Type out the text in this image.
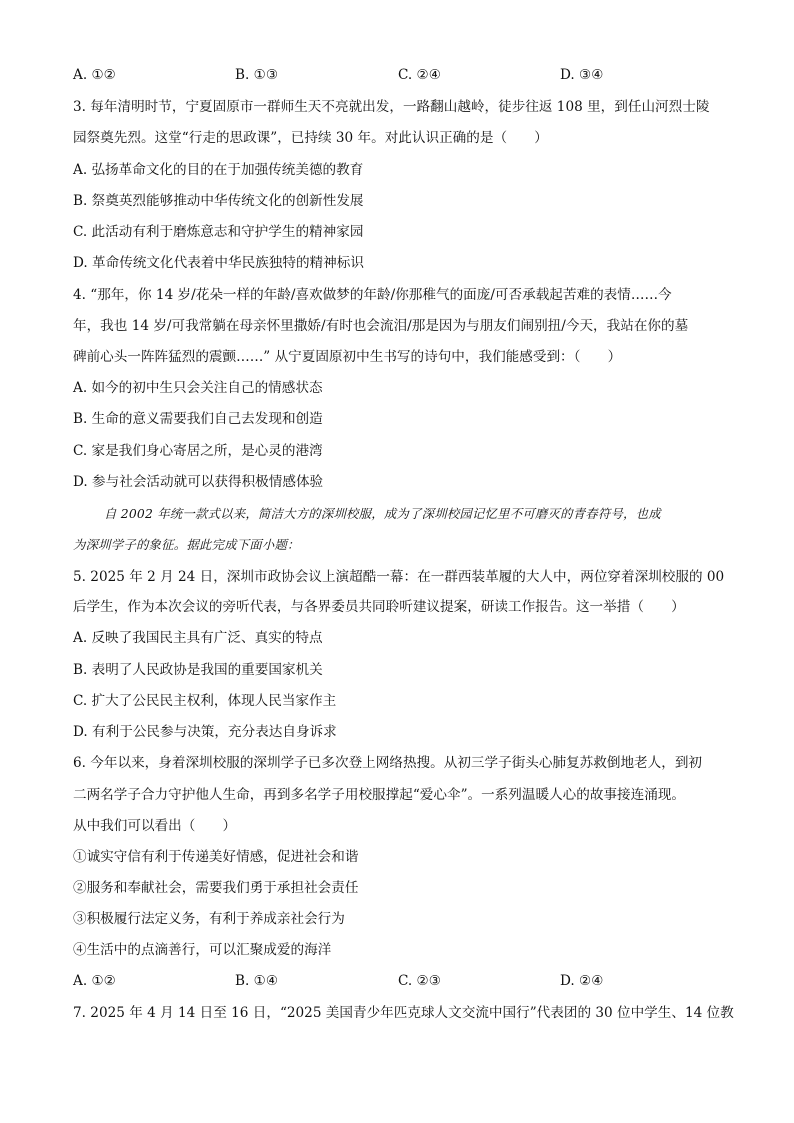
A. ①②	B. ①③	C. ②④	D. ③④
3. 每年清明时节，宁夏固原市一群师生天不亮就出发，一路翻山越岭，徒步往返 108 里，到任山河烈士陵
园祭奠先烈。这堂“行走的思政课”，已持续 30 年。对此认识正确的是（　　）
A. 弘扬革命文化的目的在于加强传统美德的教育
B. 祭奠英烈能够推动中华传统文化的创新性发展
C. 此活动有利于磨炼意志和守护学生的精神家园
D. 革命传统文化代表着中华民族独特的精神标识
4. “那年，你 14 岁/花朵一样的年龄/喜欢做梦的年龄/你那稚气的面庞/可否承载起苦难的表情……今
年，我也 14 岁/可我常躺在母亲怀里撒娇/有时也会流泪/那是因为与朋友们闹别扭/今天，我站在你的墓
碑前心头一阵阵猛烈的震颤……” 从宁夏固原初中生书写的诗句中，我们能感受到：（　　）
A. 如今的初中生只会关注自己的情感状态
B. 生命的意义需要我们自己去发现和创造
C. 家是我们身心寄居之所，是心灵的港湾
D. 参与社会活动就可以获得积极情感体验
自 2002 年统一款式以来，简洁大方的深圳校服，成为了深圳校园记忆里不可磨灭的青春符号，也成
为深圳学子的象征。据此完成下面小题：
5. 2025 年 2 月 24 日，深圳市政协会议上演超酷一幕：在一群西装革履的大人中，两位穿着深圳校服的 00
后学生，作为本次会议的旁听代表，与各界委员共同聆听建议提案，研读工作报告。这一举措（　　）
A. 反映了我国民主具有广泛、真实的特点
B. 表明了人民政协是我国的重要国家机关
C. 扩大了公民民主权利，体现人民当家作主
D. 有利于公民参与决策，充分表达自身诉求
6. 今年以来，身着深圳校服的深圳学子已多次登上网络热搜。从初三学子街头心肺复苏救倒地老人，到初
二两名学子合力守护他人生命，再到多名学子用校服撑起“爱心伞”。一系列温暖人心的故事接连涌现。
从中我们可以看出（　　）
①诚实守信有利于传递美好情感，促进社会和谐
②服务和奉献社会，需要我们勇于承担社会责任
③积极履行法定义务，有利于养成亲社会行为
④生活中的点滴善行，可以汇聚成爱的海洋
A. ①②	B. ①④	C. ②③	D. ②④
7. 2025 年 4 月 14 日至 16 日，“2025 美国青少年匹克球人文交流中国行”代表团的 30 位中学生、14 位教
